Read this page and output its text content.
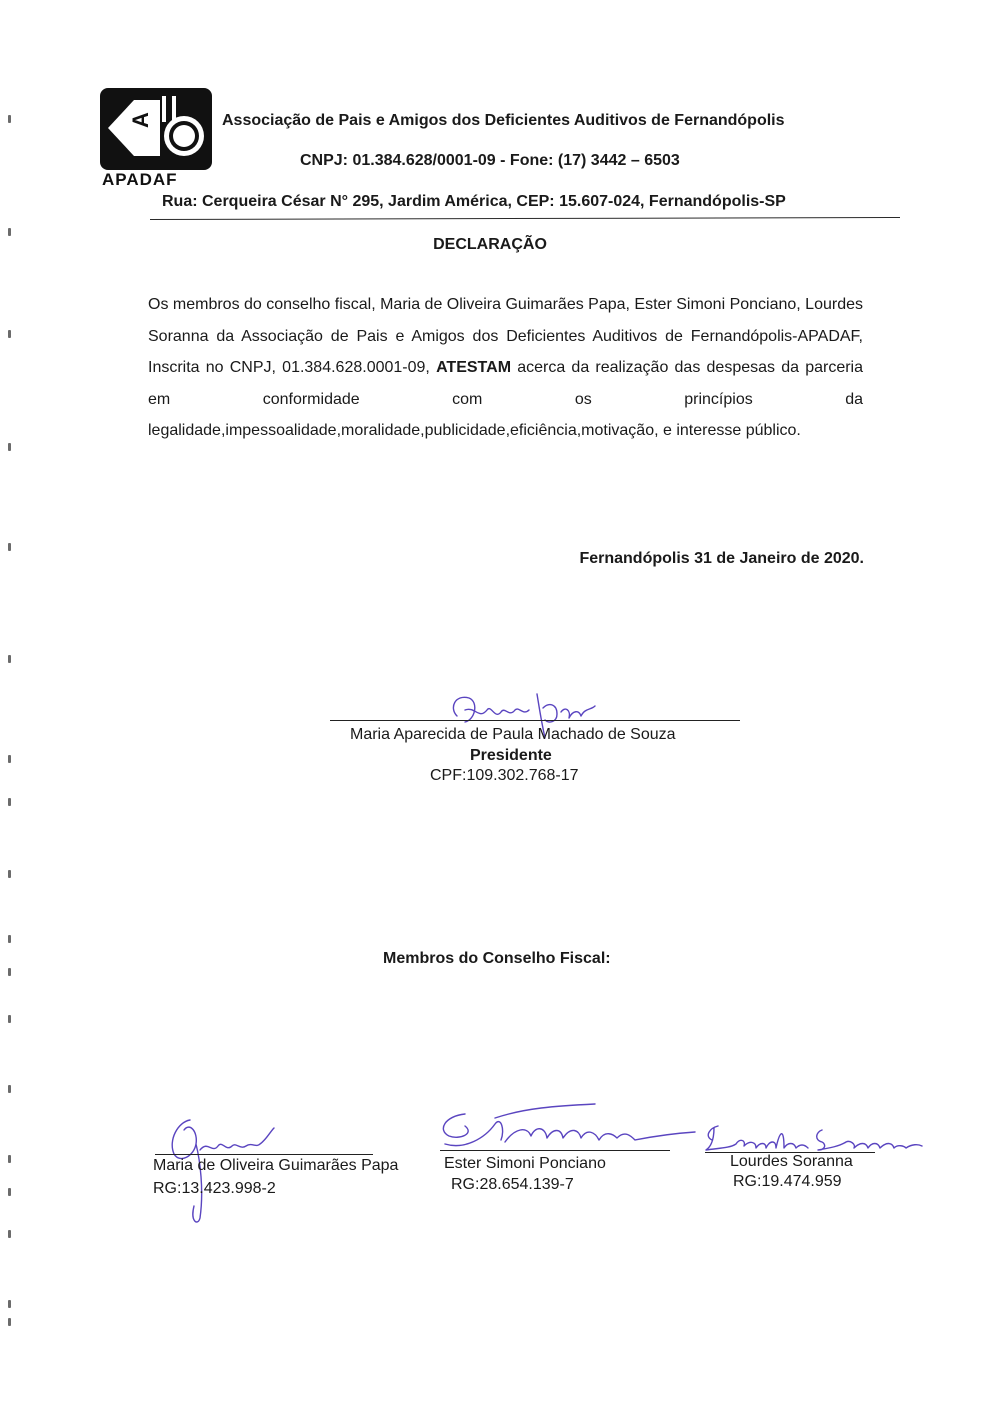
A
APADAF
Associação de Pais e Amigos dos Deficientes Auditivos de Fernandópolis
CNPJ: 01.384.628/0001-09 - Fone: (17) 3442 – 6503
Rua: Cerqueira César N° 295, Jardim América, CEP: 15.607-024, Fernandópolis-SP
DECLARAÇÃO
Os membros do conselho fiscal, Maria de Oliveira Guimarães Papa, Ester Simoni Ponciano, Lourdes Soranna da Associação de Pais e Amigos dos Deficientes Auditivos de Fernandópolis-APADAF, Inscrita no CNPJ, 01.384.628.0001-09, ATESTAM acerca da realização das despesas da parceria em conformidade com os princípios da legalidade,impessoalidade,moralidade,publicidade,eficiência,motivação, e interesse público.
Fernandópolis 31 de Janeiro de 2020.
Maria Aparecida de Paula Machado de Souza
Presidente
CPF:109.302.768-17
Membros do Conselho Fiscal:
Maria de Oliveira Guimarães Papa
RG:13.423.998-2
Ester Simoni Ponciano
RG:28.654.139-7
Lourdes Soranna
RG:19.474.959
